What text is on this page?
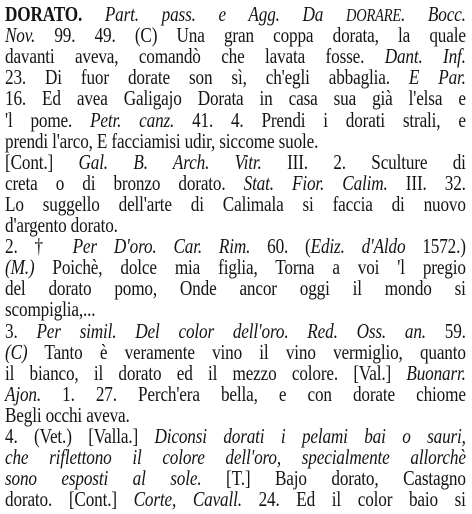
DORATO. Part. pass. e Agg. Da DORARE. Bocc.
Nov. 99. 49. (C) Una gran coppa dorata, la quale
davanti aveva, comandò che lavata fosse. Dant. Inf.
23. Di fuor dorate son sì, ch'egli abbaglia. E Par.
16. Ed avea Galigajo Dorata in casa sua già l'elsa e
'l pome. Petr. canz. 41. 4. Prendi i dorati strali, e
prendi l'arco, E facciamisi udir, siccome suole.
[Cont.] Gal. B. Arch. Vitr. III. 2. Sculture di
creta o di bronzo dorato. Stat. Fior. Calim. III. 32.
Lo suggello dell'arte di Calimala si faccia di nuovo
d'argento dorato.
2. † Per D'oro. Car. Rim. 60. (Ediz. d'Aldo 1572.)
(M.) Poichè, dolce mia figlia, Torna a voi 'l pregio
del dorato pomo, Onde ancor oggi il mondo si
scompiglia,...
3. Per simil. Del color dell'oro. Red. Oss. an. 59.
(C) Tanto è veramente vino il vino vermiglio, quanto
il bianco, il dorato ed il mezzo colore. [Val.] Buonarr.
Ajon. 1. 27. Perch'era bella, e con dorate chiome
Begli occhi aveva.
4. (Vet.) [Valla.] Diconsi dorati i pelami bai o sauri,
che riflettono il colore dell'oro, specialmente allorchè
sono esposti al sole. [T.] Bajo dorato, Castagno
dorato. [Cont.] Corte, Cavall. 24. Ed il color baio si
